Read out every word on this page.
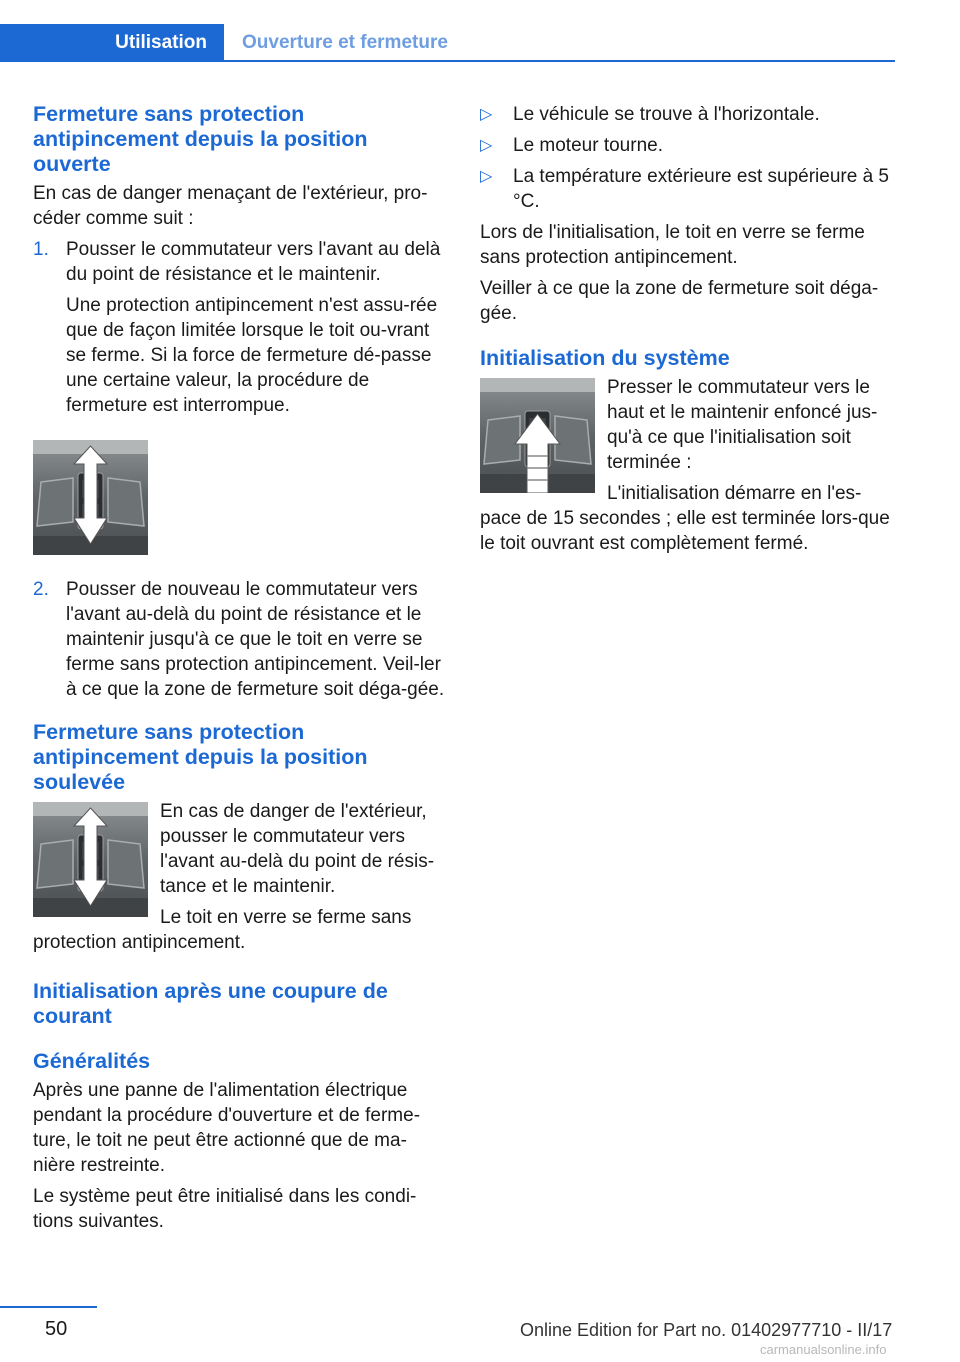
Utilisation	Ouverture et fermeture
Fermeture sans protection antipincement depuis la position ouverte

En cas de danger menaçant de l'extérieur, pro-céder comme suit :

1. Pousser le commutateur vers l'avant au delà du point de résistance et le maintenir.

Une protection antipincement n'est assu-rée que de façon limitée lorsque le toit ou-vrant se ferme. Si la force de fermeture dé-passe une certaine valeur, la procédure de fermeture est interrompue.

2. Pousser de nouveau le commutateur vers l'avant au-delà du point de résistance et le maintenir jusqu'à ce que le toit en verre se ferme sans protection antipincement. Veil-ler à ce que la zone de fermeture soit déga-gée.

Fermeture sans protection antipincement depuis la position soulevée

En cas de danger de l'extérieur, pousser le commutateur vers l'avant au-delà du point de résis-tance et le maintenir.

Le toit en verre se ferme sans protection antipincement.

Initialisation après une coupure de courant
Généralités

Après une panne de l'alimentation électrique pendant la procédure d'ouverture et de ferme-ture, le toit ne peut être actionné que de ma-nière restreinte.

Le système peut être initialisé dans les condi-tions suivantes.

▷ Le véhicule se trouve à l'horizontale.
▷ Le moteur tourne.
▷ La température extérieure est supérieure à 5 °C.

Lors de l'initialisation, le toit en verre se ferme sans protection antipincement.

Veiller à ce que la zone de fermeture soit déga-gée.

Initialisation du système

Presser le commutateur vers le haut et le maintenir enfoncé jus-qu'à ce que l'initialisation soit terminée :

L'initialisation démarre en l'es-pace de 15 secondes ; elle est terminée lors-que le toit ouvrant est complètement fermé.

50	Online Edition for Part no. 01402977710 - II/17
carmanualsonline.info
